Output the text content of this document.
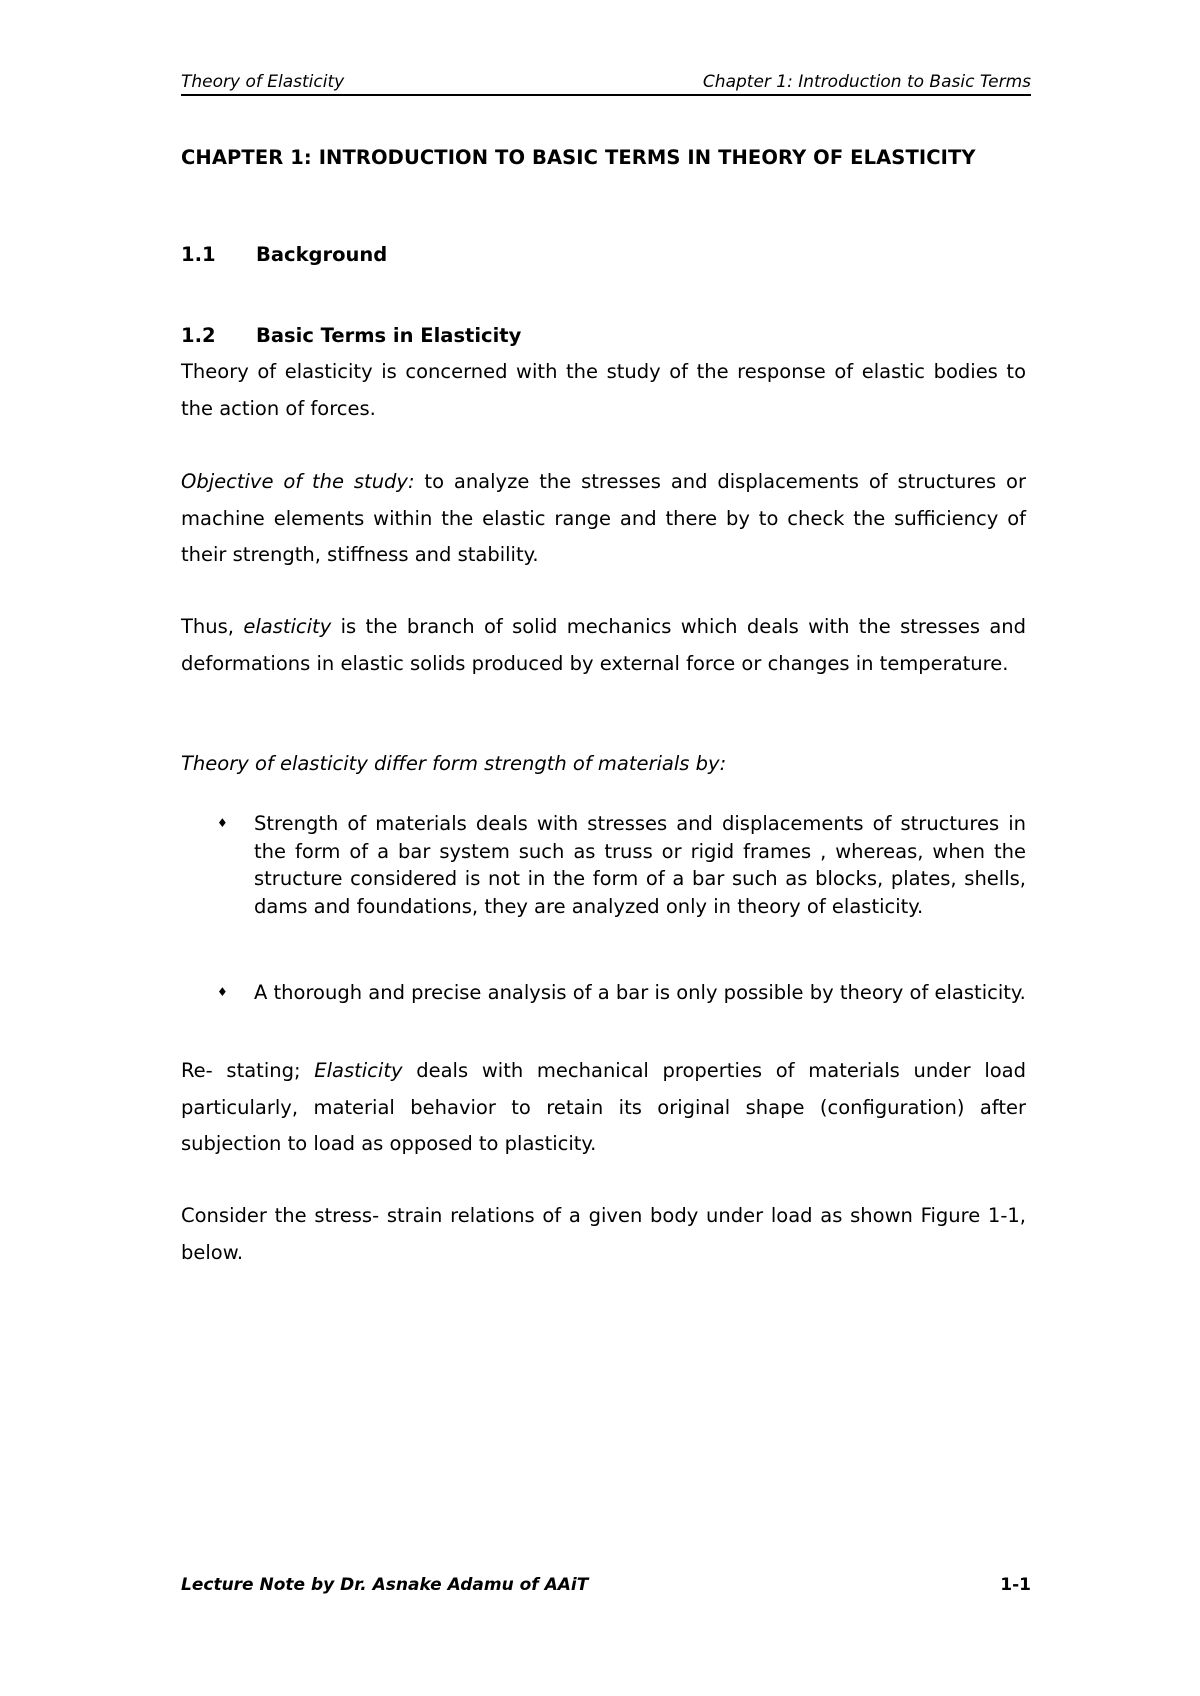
Theory of Elasticity	Chapter 1: Introduction to Basic Terms
CHAPTER 1: INTRODUCTION TO BASIC TERMS IN THEORY OF ELASTICITY
1.1 Background
1.2 Basic Terms in Elasticity

Theory of elasticity is concerned with the study of the response of elastic bodies to the action of forces.

Objective of the study: to analyze the stresses and displacements of structures or machine elements within the elastic range and there by to check the sufficiency of their strength, stiffness and stability.

Thus, elasticity is the branch of solid mechanics which deals with the stresses and deformations in elastic solids produced by external force or changes in temperature.

Theory of elasticity differ form strength of materials by:
♦ Strength of materials deals with stresses and displacements of structures in the form of a bar system such as truss or rigid frames , whereas, when the structure considered is not in the form of a bar such as blocks, plates, shells, dams and foundations, they are analyzed only in theory of elasticity.
♦ A thorough and precise analysis of a bar is only possible by theory of elasticity.

Re- stating; Elasticity deals with mechanical properties of materials under load particularly, material behavior to retain its original shape (configuration) after subjection to load as opposed to plasticity.

Consider the stress- strain relations of a given body under load as shown Figure 1-1, below.

Lecture Note by Dr. Asnake Adamu of AAiT	1-1
